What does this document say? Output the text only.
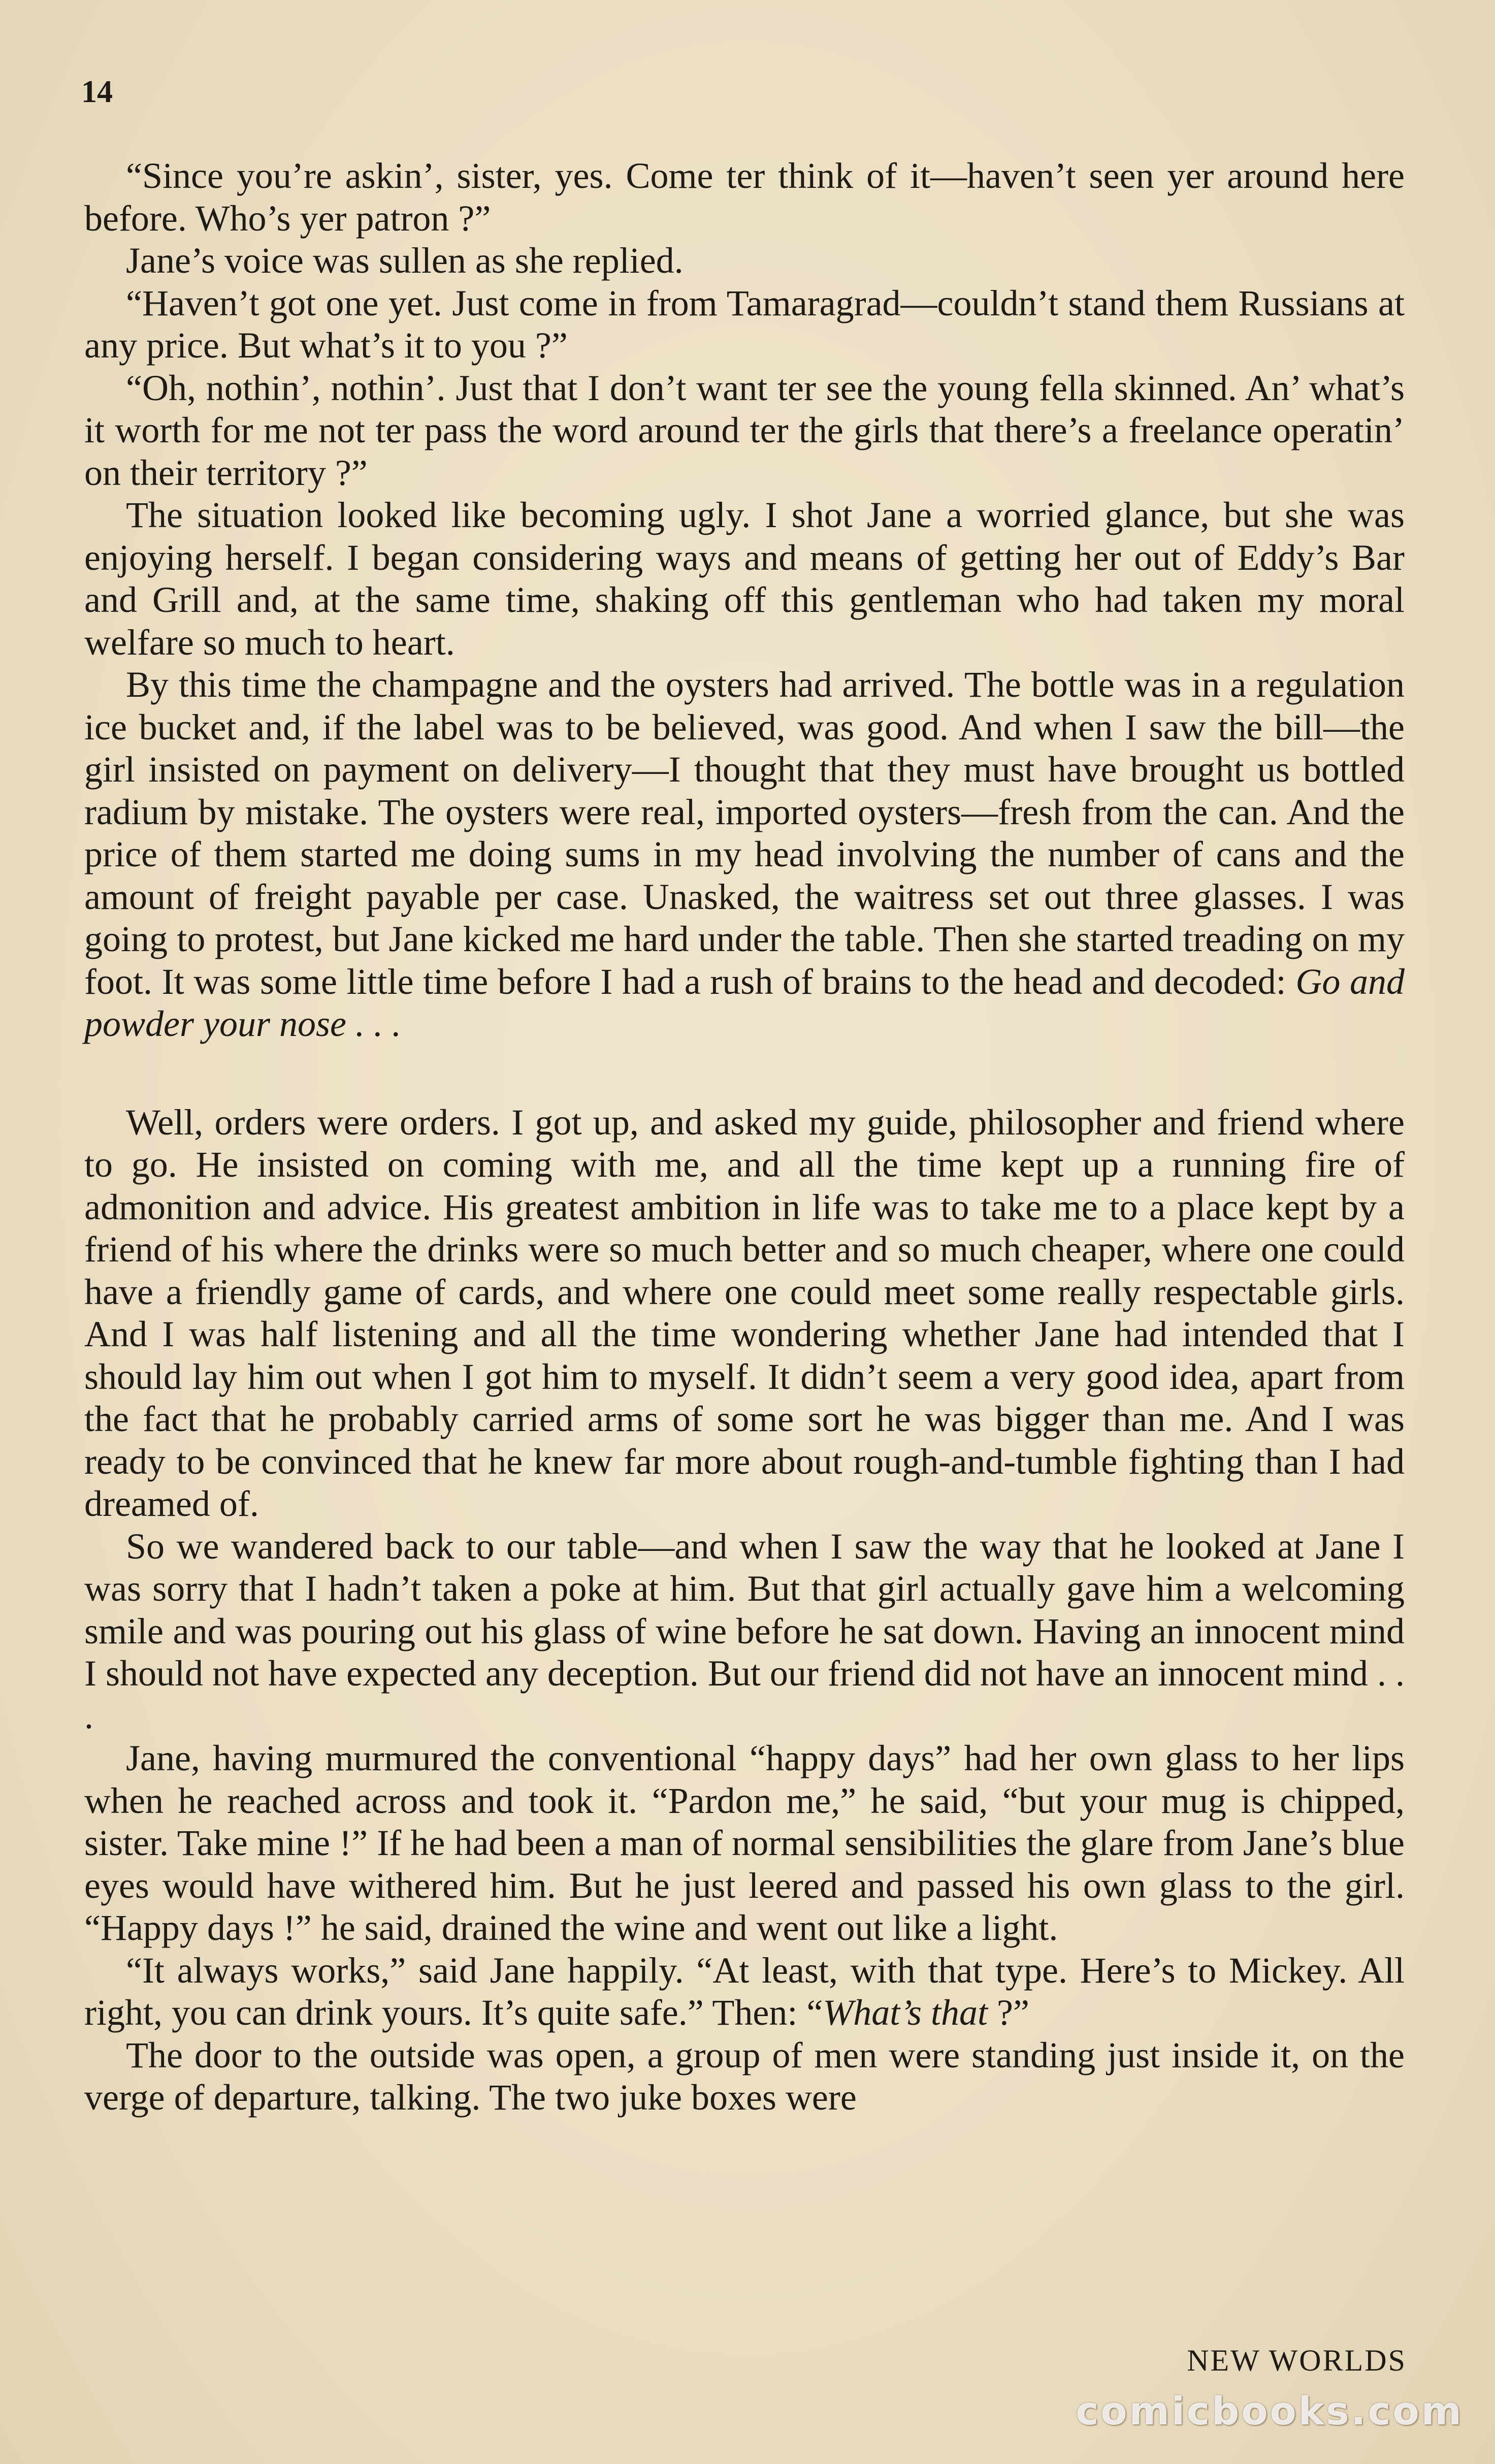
14

“Since you’re askin’, sister, yes. Come ter think of it—haven’t seen yer around here before. Who’s yer patron ?”

Jane’s voice was sullen as she replied.

“Haven’t got one yet. Just come in from Tamaragrad—couldn’t stand them Russians at any price. But what’s it to you ?”

“Oh, nothin’, nothin’. Just that I don’t want ter see the young fella skinned. An’ what’s it worth for me not ter pass the word around ter the girls that there’s a freelance operatin’ on their territory ?”

The situation looked like becoming ugly. I shot Jane a worried glance, but she was enjoying herself. I began considering ways and means of getting her out of Eddy’s Bar and Grill and, at the same time, shaking off this gentleman who had taken my moral welfare so much to heart.

By this time the champagne and the oysters had arrived. The bottle was in a regulation ice bucket and, if the label was to be believed, was good. And when I saw the bill—the girl insisted on payment on delivery—I thought that they must have brought us bottled radium by mistake. The oysters were real, imported oysters—fresh from the can. And the price of them started me doing sums in my head involving the number of cans and the amount of freight payable per case. Unasked, the waitress set out three glasses. I was going to protest, but Jane kicked me hard under the table. Then she started treading on my foot. It was some little time before I had a rush of brains to the head and decoded: Go and powder your nose . . .

Well, orders were orders. I got up, and asked my guide, philosopher and friend where to go. He insisted on coming with me, and all the time kept up a running fire of admonition and advice. His greatest ambition in life was to take me to a place kept by a friend of his where the drinks were so much better and so much cheaper, where one could have a friendly game of cards, and where one could meet some really respectable girls. And I was half listening and all the time wondering whether Jane had intended that I should lay him out when I got him to myself. It didn’t seem a very good idea, apart from the fact that he probably carried arms of some sort he was bigger than me. And I was ready to be convinced that he knew far more about rough-and-tumble fighting than I had dreamed of.

So we wandered back to our table—and when I saw the way that he looked at Jane I was sorry that I hadn’t taken a poke at him. But that girl actually gave him a welcoming smile and was pouring out his glass of wine before he sat down. Having an innocent mind I should not have expected any deception. But our friend did not have an innocent mind . . .

Jane, having murmured the conventional “happy days” had her own glass to her lips when he reached across and took it. “Pardon me,” he said, “but your mug is chipped, sister. Take mine !” If he had been a man of normal sensibilities the glare from Jane’s blue eyes would have withered him. But he just leered and passed his own glass to the girl. “Happy days !” he said, drained the wine and went out like a light.

“It always works,” said Jane happily. “At least, with that type. Here’s to Mickey. All right, you can drink yours. It’s quite safe.” Then: “What’s that ?”

The door to the outside was open, a group of men were standing just inside it, on the verge of departure, talking. The two juke boxes were

NEW WORLDS
comicbooks.com
